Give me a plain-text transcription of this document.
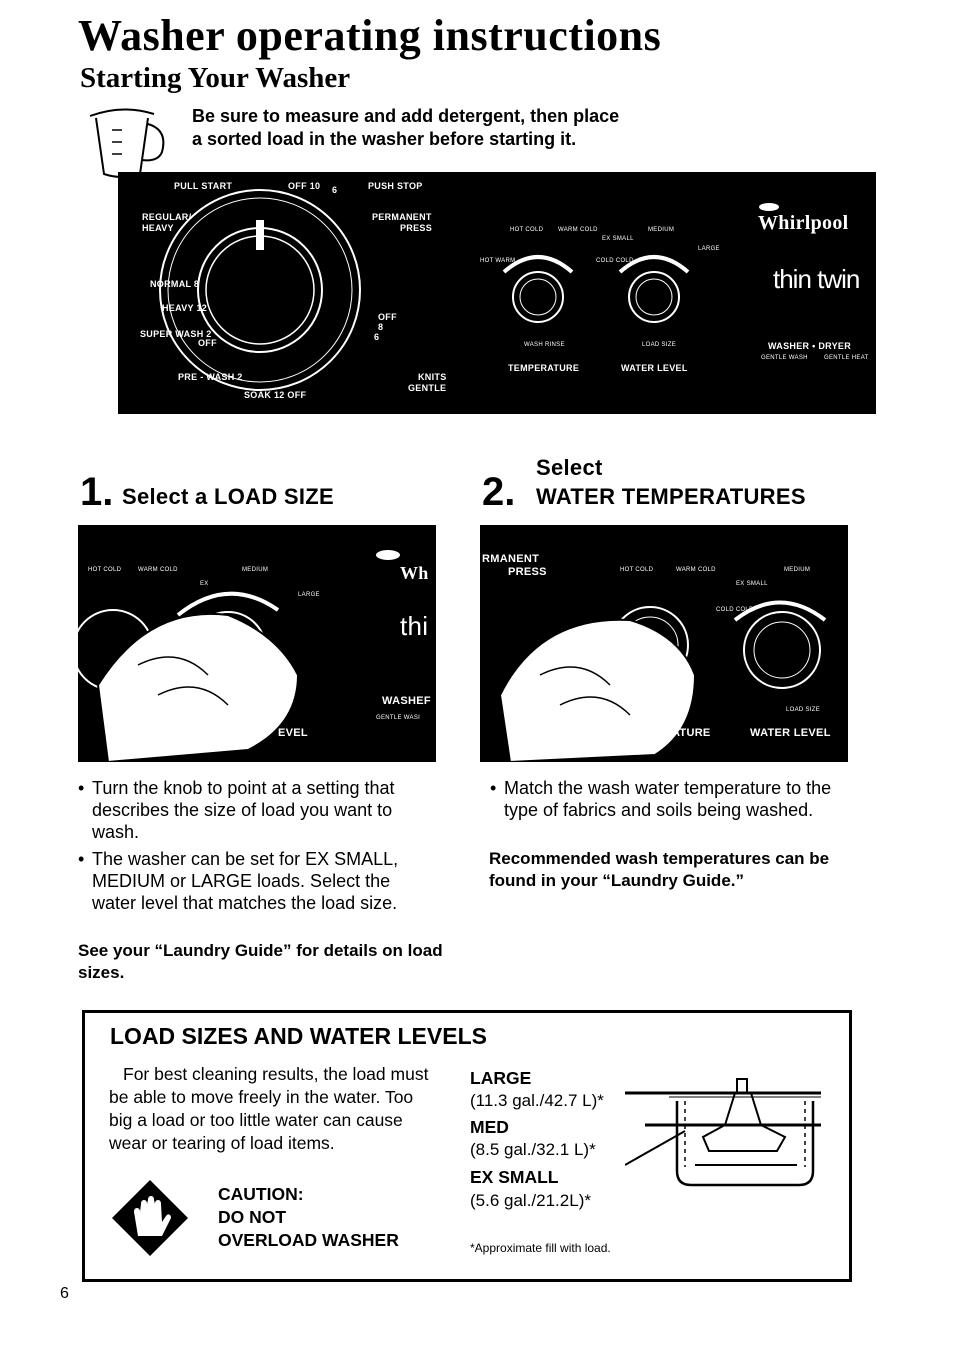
Washer operating instructions
Starting Your Washer
Be sure to measure and add detergent, then place
a sorted load in the washer before starting it.
PULL START	OFF 10 6	PUSH STOP
REGULAR/
HEAVY
PERMANENT
PRESS
NORMAL 8
HEAVY 12
SUPER WASH 2
OFF
OFF
8
6
PRE - WASH 2
SOAK 12 OFF
KNITS
GENTLE
HOT COLD WARM COLD
HOT WARM	COLD COLD
EX SMALL
MEDIUM
LARGE
WASH RINSE
TEMPERATURE
LOAD SIZE
WATER LEVEL
Whirlpool
thin twin
WASHER • DRYER
GENTLE WASH	GENTLE HEAT
1. Select a LOAD SIZE
Select
2. WATER TEMPERATURES
HOT COLD	WARM COLD
EX
MEDIUM
LARGE
EVEL
Wh
thi
WASHEF
GENTLE WASI
RMANENT
PRESS	HOT COLD	WARM COLD
EX SMALL
MEDIUM
COLD COLD
ATURE
LOAD SIZE
WATER LEVEL
• Turn the knob to point at a setting that describes the size of load you want to wash.
• The washer can be set for EX SMALL, MEDIUM or LARGE loads. Select the water level that matches the load size.
See your “Laundry Guide” for details on load sizes.
• Match the wash water temperature to the type of fabrics and soils being washed.
Recommended wash temperatures can be found in your “Laundry Guide.”
LOAD SIZES AND WATER LEVELS
For best cleaning results, the load must be able to move freely in the water. Too big a load or too little water can cause wear or tearing of load items.
CAUTION:
DO NOT
OVERLOAD WASHER
LARGE
(11.3 gal./42.7 L)*
MED
(8.5 gal./32.1 L)*
EX SMALL
(5.6 gal./21.2L)*
*Approximate fill with load.
6
